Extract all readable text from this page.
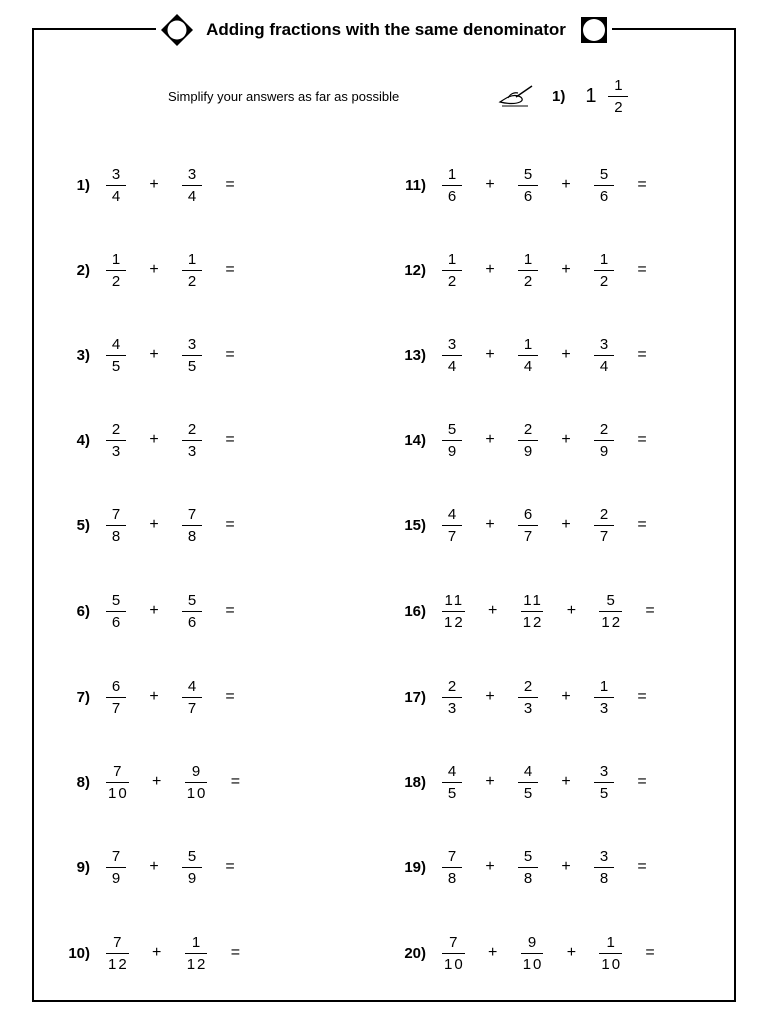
Adding fractions with the same denominator
Simplify your answers as far as possible	1) $1 \frac{1}{2}$
$1) \frac{3}{4}$	+	$\frac{3}{4}$	=
$2) \frac{1}{2}$	+	$\frac{1}{2}$	=
$3) \frac{4}{5}$	+	$\frac{3}{5}$	=
$4) \frac{2}{3}$	+	$\frac{2}{3}$	=
$5) \frac{7}{8}$	+	$\frac{7}{8}$	=
$6) \frac{5}{6}$	+	$\frac{5}{6}$	=
$7) \frac{6}{7}$	+	$\frac{4}{7}$	=
$8) \frac{7}{10}$	+	$\frac{9}{10}$	=
$9) \frac{7}{9}$	+	$\frac{5}{9}$	=
$10) \frac{7}{12}$	+	$\frac{1}{12}$	=
$11) \frac{1}{6}$	+	$\frac{5}{6}$	+	$\frac{5}{6}$	=
$12) \frac{1}{2}$	+	$\frac{1}{2}$	+	$\frac{1}{2}$	=
$13) \frac{3}{4}$	+	$\frac{1}{4}$	+	$\frac{3}{4}$	=
$14) \frac{5}{9}$	+	$\frac{2}{9}$	+	$\frac{2}{9}$	=
$15) \frac{4}{7}$	+	$\frac{6}{7}$	+	$\frac{2}{7}$	=
$16) \frac{11}{12}$	+	$\frac{11}{12}$	+	$\frac{5}{12}$	=
$17) \frac{2}{3}$	+	$\frac{2}{3}$	+	$\frac{1}{3}$	=
$18) \frac{4}{5}$	+	$\frac{4}{5}$	+	$\frac{3}{5}$	=
$19) \frac{7}{8}$	+	$\frac{5}{8}$	+	$\frac{3}{8}$	=
$20) \frac{7}{10}$	+	$\frac{9}{10}$	+	$\frac{1}{10}$	=
